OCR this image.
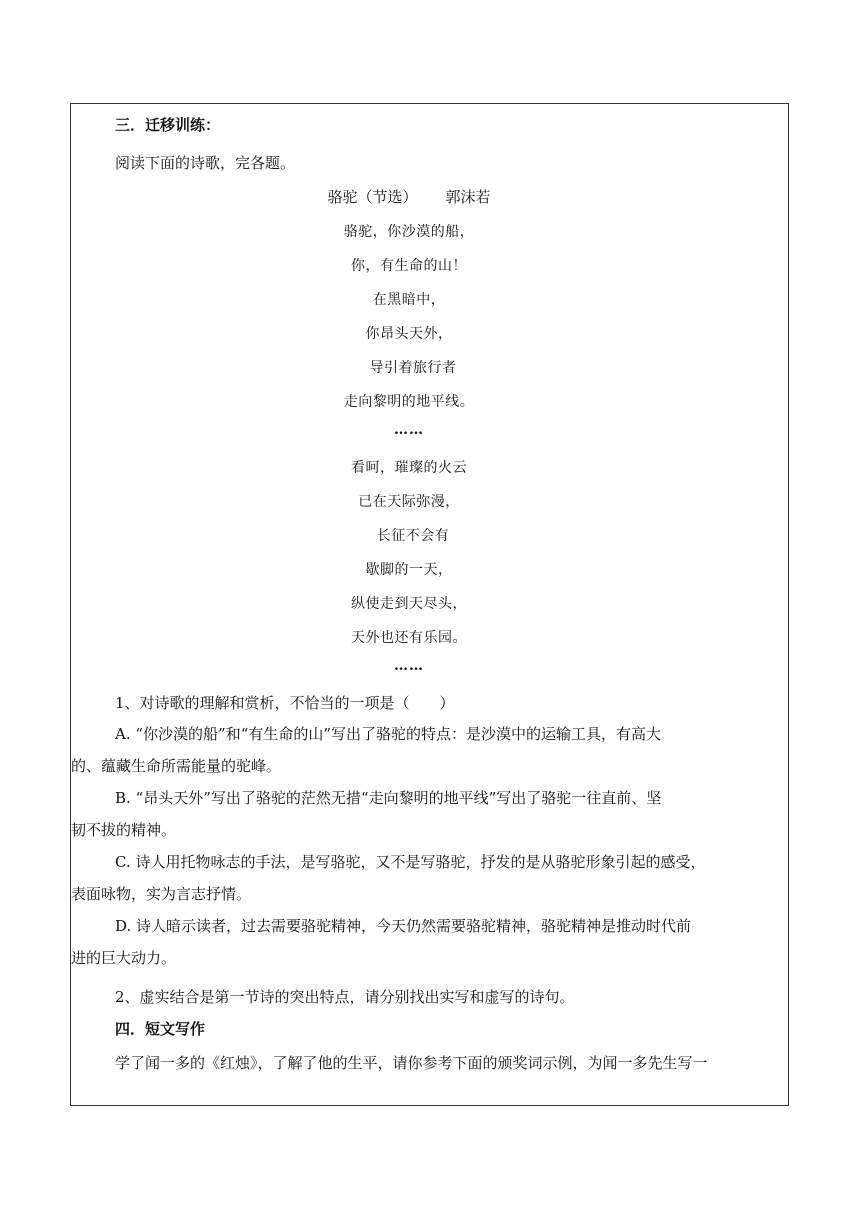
三．迁移训练：
阅读下面的诗歌，完各题。
骆驼（节选） 郭沫若
骆驼，你沙漠的船，
你，有生命的山！
在黑暗中，
你昂头天外，
导引着旅行者
走向黎明的地平线。
……
看呵，璀璨的火云
已在天际弥漫，
长征不会有
歇脚的一天，
纵使走到天尽头，
天外也还有乐园。
……
1、对诗歌的理解和赏析，不恰当的一项是（　　）
A. “你沙漠的船”和“有生命的山”写出了骆驼的特点：是沙漠中的运输工具，有高大
的、蕴藏生命所需能量的驼峰。
B. “昂头天外”写出了骆驼的茫然无措“走向黎明的地平线”写出了骆驼一往直前、坚
韧不拔的精神。
C. 诗人用托物咏志的手法，是写骆驼，又不是写骆驼，抒发的是从骆驼形象引起的感受，
表面咏物，实为言志抒情。
D. 诗人暗示读者，过去需要骆驼精神，今天仍然需要骆驼精神，骆驼精神是推动时代前
进的巨大动力。
2、虚实结合是第一节诗的突出特点，请分别找出实写和虚写的诗句。
四．短文写作
学了闻一多的《红烛》，了解了他的生平，请你参考下面的颁奖词示例，为闻一多先生写一
